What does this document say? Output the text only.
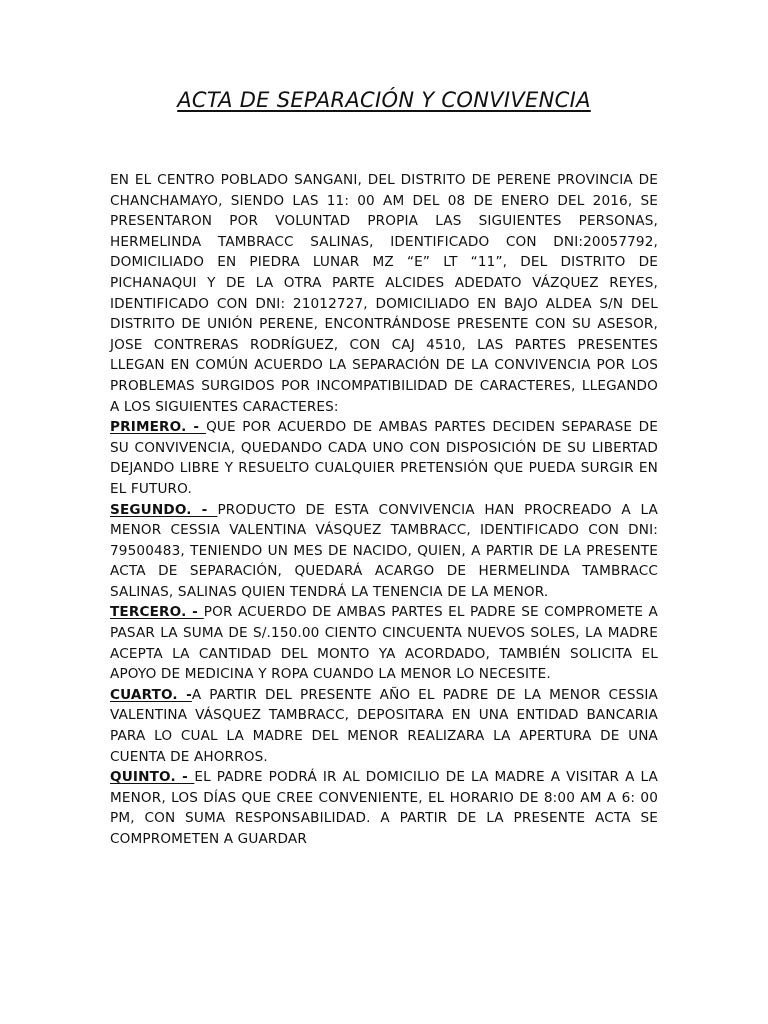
ACTA DE SEPARACIÓN Y CONVIVENCIA

EN EL CENTRO POBLADO SANGANI, DEL DISTRITO DE PERENE PROVINCIA DE CHANCHAMAYO, SIENDO LAS 11: 00 AM DEL 08 DE ENERO DEL 2016, SE PRESENTARON POR VOLUNTAD PROPIA LAS SIGUIENTES PERSONAS, HERMELINDA TAMBRACC SALINAS, IDENTIFICADO CON DNI:20057792, DOMICILIADO EN PIEDRA LUNAR MZ “E” LT “11”, DEL DISTRITO DE PICHANAQUI Y DE LA OTRA PARTE ALCIDES ADEDATO VÁZQUEZ REYES, IDENTIFICADO CON DNI: 21012727, DOMICILIADO EN BAJO ALDEA S/N DEL DISTRITO DE UNIÓN PERENE, ENCONTRÁNDOSE PRESENTE CON SU ASESOR, JOSE CONTRERAS RODRÍGUEZ, CON CAJ 4510, LAS PARTES PRESENTES LLEGAN EN COMÚN ACUERDO LA SEPARACIÓN DE LA CONVIVENCIA POR LOS PROBLEMAS SURGIDOS POR INCOMPATIBILIDAD DE CARACTERES, LLEGANDO A LOS SIGUIENTES CARACTERES:

PRIMERO. - QUE POR ACUERDO DE AMBAS PARTES DECIDEN SEPARASE DE SU CONVIVENCIA, QUEDANDO CADA UNO CON DISPOSICIÓN DE SU LIBERTAD DEJANDO LIBRE Y RESUELTO CUALQUIER PRETENSIÓN QUE PUEDA SURGIR EN EL FUTURO.

SEGUNDO. - PRODUCTO DE ESTA CONVIVENCIA HAN PROCREADO A LA MENOR CESSIA VALENTINA VÁSQUEZ TAMBRACC, IDENTIFICADO CON DNI: 79500483, TENIENDO UN MES DE NACIDO, QUIEN, A PARTIR DE LA PRESENTE ACTA DE SEPARACIÓN, QUEDARÁ ACARGO DE HERMELINDA TAMBRACC SALINAS, SALINAS QUIEN TENDRÁ LA TENENCIA DE LA MENOR.

TERCERO. - POR ACUERDO DE AMBAS PARTES EL PADRE SE COMPROMETE A PASAR LA SUMA DE S/.150.00 CIENTO CINCUENTA NUEVOS SOLES, LA MADRE ACEPTA LA CANTIDAD DEL MONTO YA ACORDADO, TAMBIÉN SOLICITA EL APOYO DE MEDICINA Y ROPA CUANDO LA MENOR LO NECESITE.

CUARTO. -A PARTIR DEL PRESENTE AÑO EL PADRE DE LA MENOR CESSIA VALENTINA VÁSQUEZ TAMBRACC, DEPOSITARA EN UNA ENTIDAD BANCARIA PARA LO CUAL LA MADRE DEL MENOR REALIZARA LA APERTURA DE UNA CUENTA DE AHORROS.

QUINTO. - EL PADRE PODRÁ IR AL DOMICILIO DE LA MADRE A VISITAR A LA MENOR, LOS DÍAS QUE CREE CONVENIENTE, EL HORARIO DE 8:00 AM A 6: 00 PM, CON SUMA RESPONSABILIDAD. A PARTIR DE LA PRESENTE ACTA SE COMPROMETEN A GUARDAR
